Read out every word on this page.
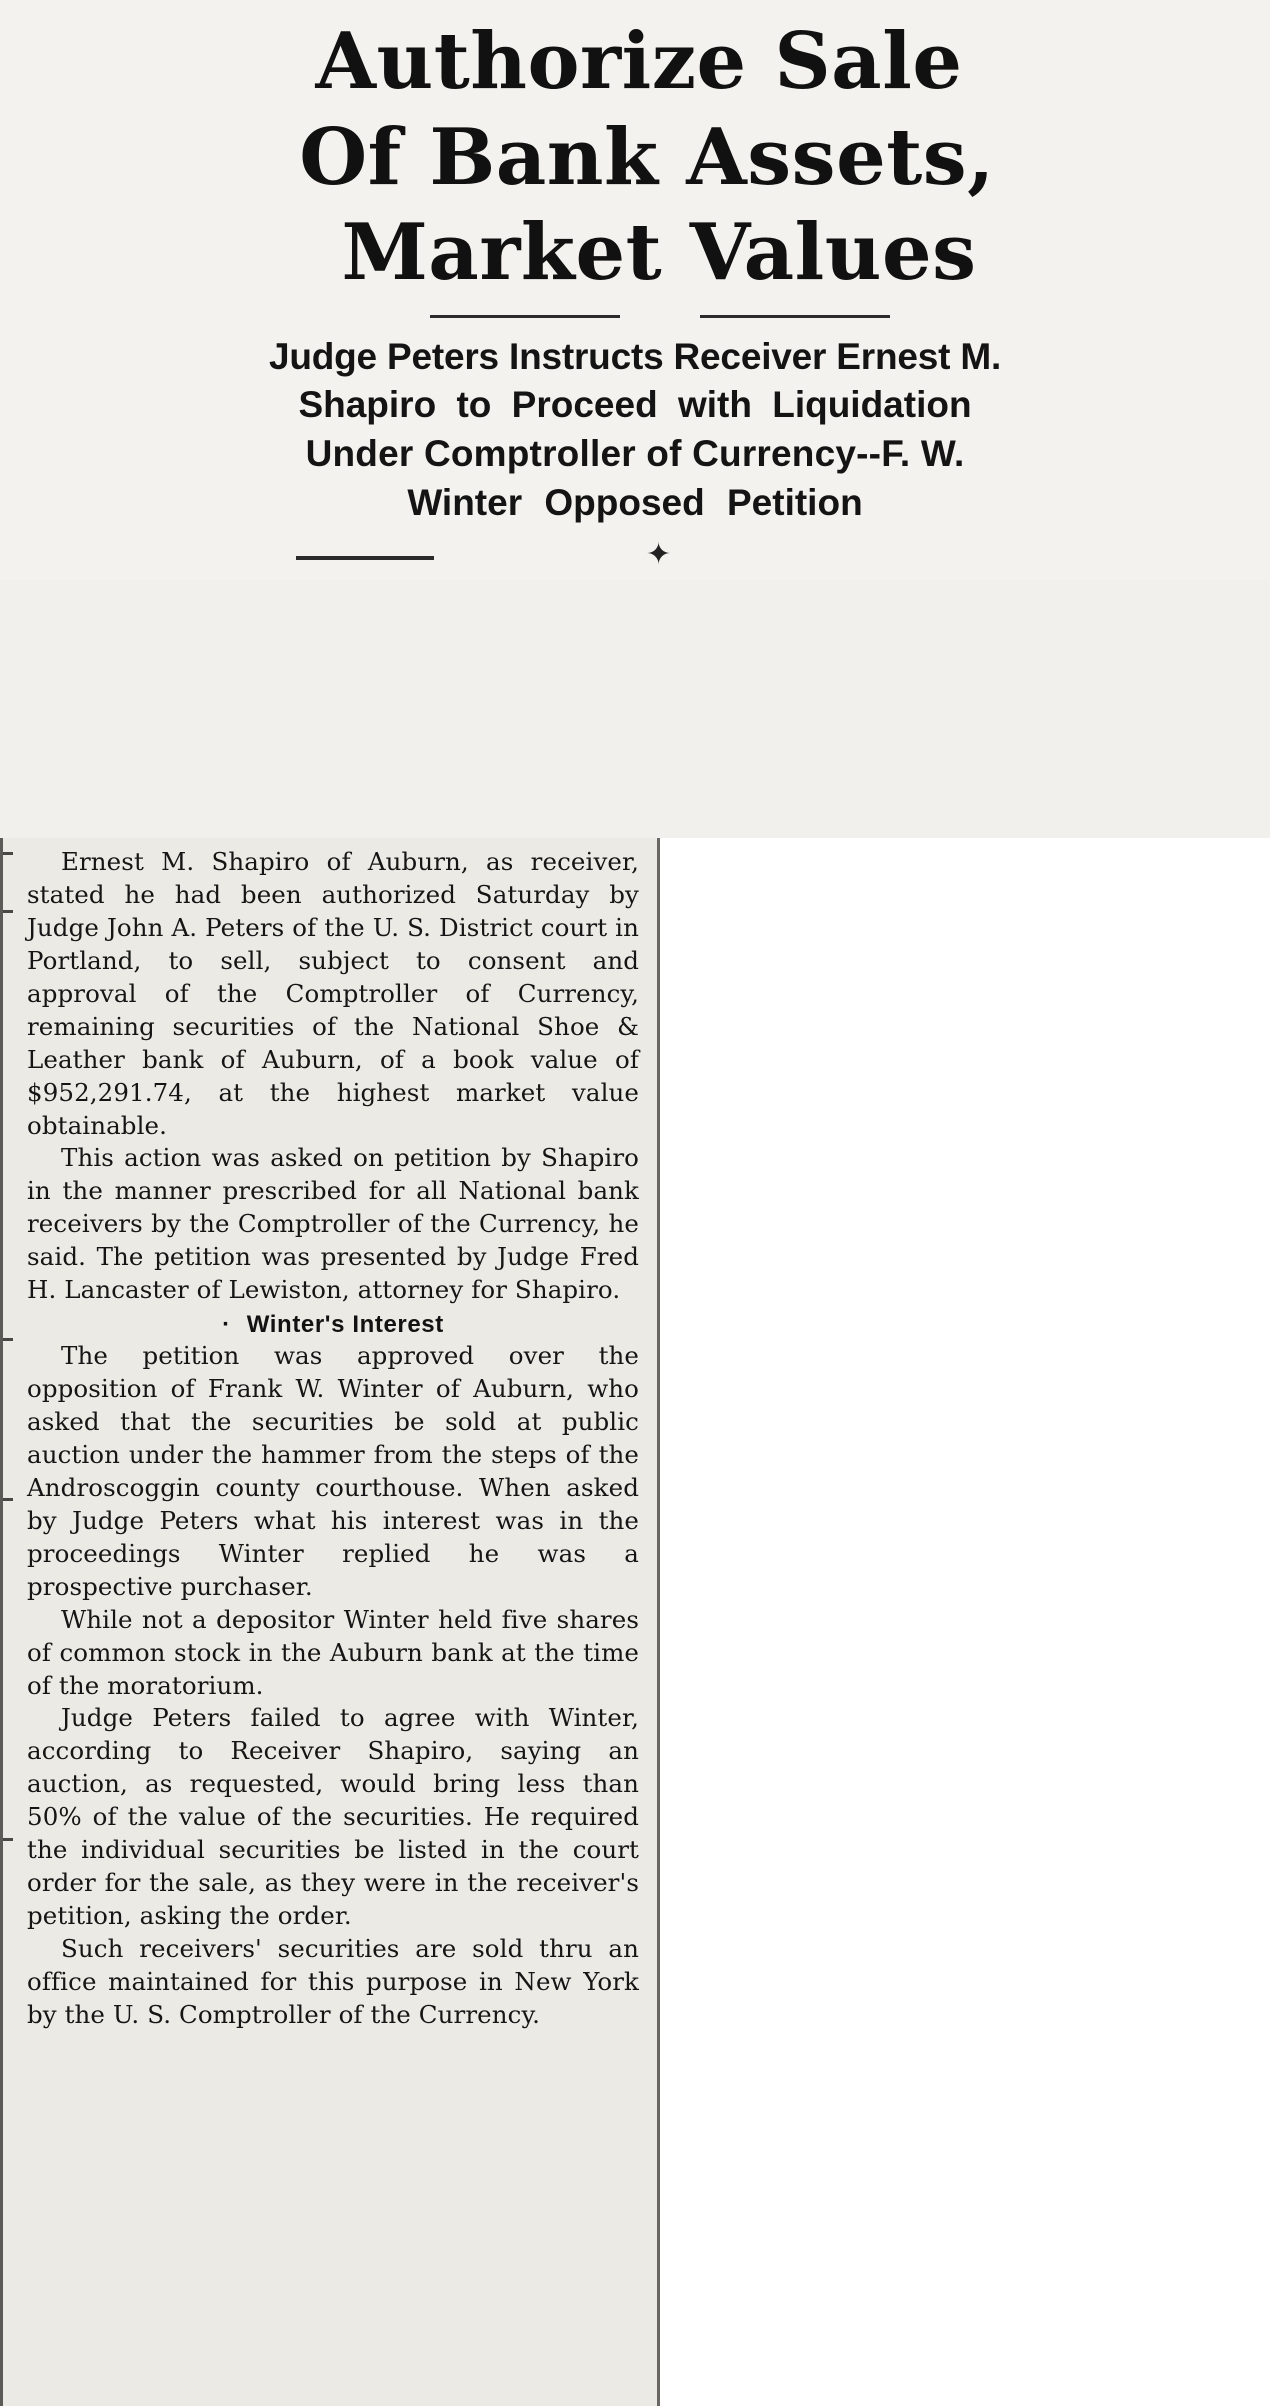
Authorize Sale
Of Bank Assets,
Market Values
Judge Peters Instructs Receiver Ernest M.
Shapiro to Proceed with Liquidation
Under Comptroller of Currency--F. W.
Winter Opposed Petition
✦

Ernest M. Shapiro of Auburn, as receiver, stated he had been authorized Saturday by Judge John A. Peters of the U. S. District court in Portland, to sell, subject to consent and approval of the Comptroller of Currency, remaining securities of the National Shoe & Leather bank of Auburn, of a book value of $952,291.74, at the highest market value obtainable.

This action was asked on petition by Shapiro in the manner prescribed for all National bank receivers by the Comptroller of the Currency, he said. The petition was presented by Judge Fred H. Lancaster of Lewiston, attorney for Shapiro.

· Winter's Interest

The petition was approved over the opposition of Frank W. Winter of Auburn, who asked that the securities be sold at public auction under the hammer from the steps of the Androscoggin county courthouse. When asked by Judge Peters what his interest was in the proceedings Winter replied he was a prospective purchaser.

While not a depositor Winter held five shares of common stock in the Auburn bank at the time of the moratorium.

Judge Peters failed to agree with Winter, according to Receiver Shapiro, saying an auction, as requested, would bring less than 50% of the value of the securities. He required the individual securities be listed in the court order for the sale, as they were in the receiver's petition, asking the order.

Such receivers' securities are sold thru an office maintained for this purpose in New York by the U. S. Comptroller of the Currency.
